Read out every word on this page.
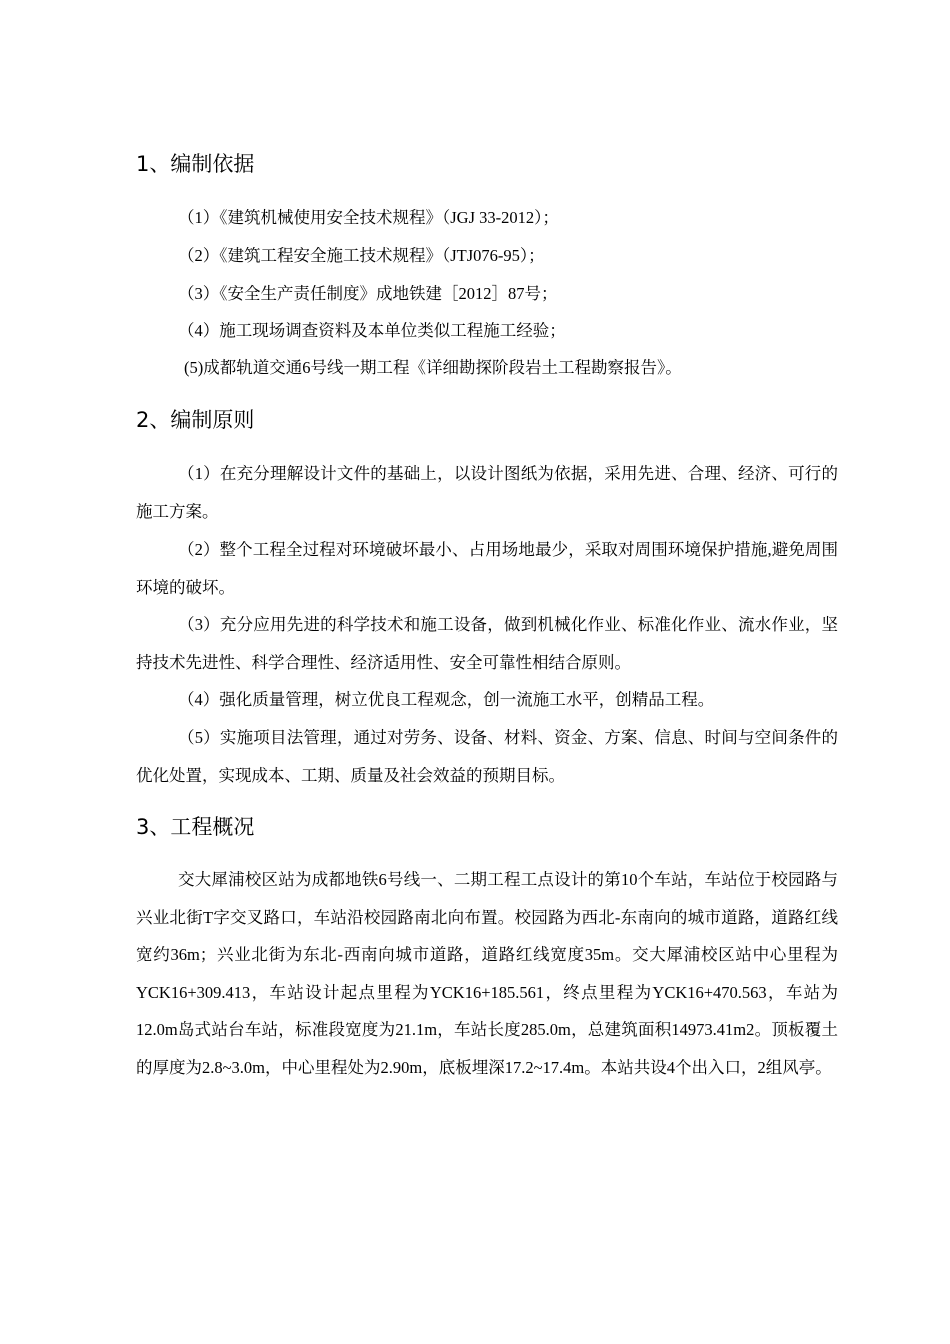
1、编制依据
（1）《建筑机械使用安全技术规程》（JGJ 33-2012）；
（2）《建筑工程安全施工技术规程》（JTJ076-95）；
（3）《安全生产责任制度》成地铁建［2012］87号；
（4）施工现场调查资料及本单位类似工程施工经验；
(5)成都轨道交通6号线一期工程《详细勘探阶段岩土工程勘察报告》。
2、编制原则
（1）在充分理解设计文件的基础上，以设计图纸为依据，采用先进、合理、经济、可行的施工方案。
（2）整个工程全过程对环境破坏最小、占用场地最少，采取对周围环境保护措施,避免周围环境的破坏。
（3）充分应用先进的科学技术和施工设备，做到机械化作业、标准化作业、流水作业，坚持技术先进性、科学合理性、经济适用性、安全可靠性相结合原则。
（4）强化质量管理，树立优良工程观念，创一流施工水平，创精品工程。
（5）实施项目法管理，通过对劳务、设备、材料、资金、方案、信息、时间与空间条件的优化处置，实现成本、工期、质量及社会效益的预期目标。
3、工程概况
交大犀浦校区站为成都地铁6号线一、二期工程工点设计的第10个车站，车站位于校园路与兴业北街T字交叉路口，车站沿校园路南北向布置。校园路为西北-东南向的城市道路，道路红线宽约36m；兴业北街为东北-西南向城市道路，道路红线宽度35m。交大犀浦校区站中心里程为YCK16+309.413，车站设计起点里程为YCK16+185.561，终点里程为YCK16+470.563，车站为12.0m岛式站台车站，标准段宽度为21.1m，车站长度285.0m，总建筑面积14973.41m2。顶板覆土的厚度为2.8~3.0m，中心里程处为2.90m，底板埋深17.2~17.4m。本站共设4个出入口，2组风亭。
